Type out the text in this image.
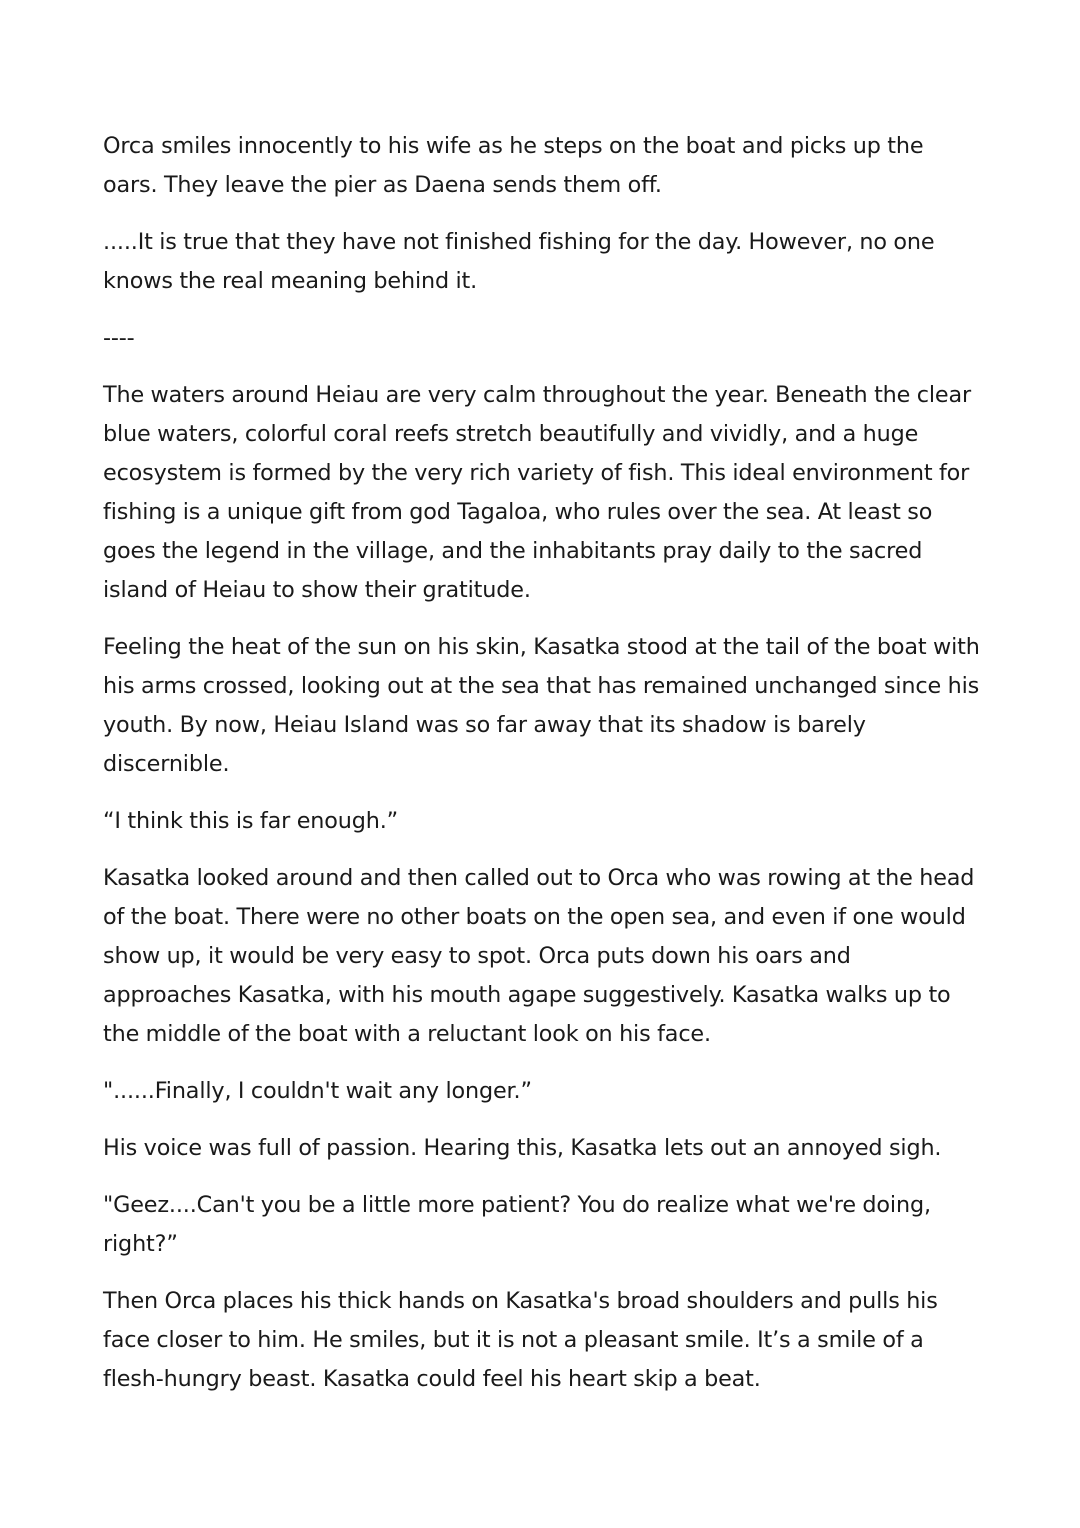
Orca smiles innocently to his wife as he steps on the boat and picks up the oars. They leave the pier as Daena sends them off.

.....It is true that they have not finished fishing for the day. However, no one knows the real meaning behind it.

----

The waters around Heiau are very calm throughout the year. Beneath the clear blue waters, colorful coral reefs stretch beautifully and vividly, and a huge ecosystem is formed by the very rich variety of fish. This ideal environment for fishing is a unique gift from god Tagaloa, who rules over the sea. At least so goes the legend in the village, and the inhabitants pray daily to the sacred island of Heiau to show their gratitude.

Feeling the heat of the sun on his skin, Kasatka stood at the tail of the boat with his arms crossed, looking out at the sea that has remained unchanged since his youth. By now, Heiau Island was so far away that its shadow is barely discernible.

“I think this is far enough.”

Kasatka looked around and then called out to Orca who was rowing at the head of the boat. There were no other boats on the open sea, and even if one would show up, it would be very easy to spot. Orca puts down his oars and approaches Kasatka, with his mouth agape suggestively. Kasatka walks up to the middle of the boat with a reluctant look on his face.

"......Finally, I couldn't wait any longer.”

His voice was full of passion. Hearing this, Kasatka lets out an annoyed sigh.

"Geez....Can't you be a little more patient? You do realize what we're doing, right?”

Then Orca places his thick hands on Kasatka's broad shoulders and pulls his face closer to him. He smiles, but it is not a pleasant smile. It’s a smile of a flesh-hungry beast. Kasatka could feel his heart skip a beat.
